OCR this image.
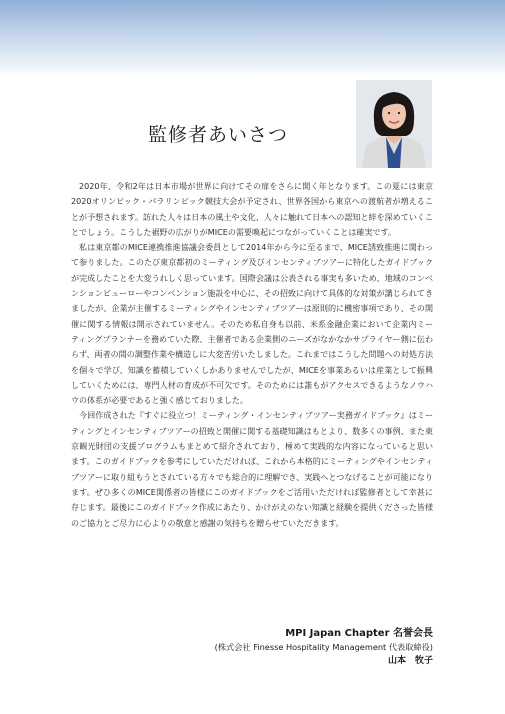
監修者あいさつ

2020年、令和2年は日本市場が世界に向けてその扉をさらに開く年となります。この夏には東京2020オリンピック・パラリンピック競技大会が予定され、世界各国から東京への渡航者が増えることが予想されます。訪れた人々は日本の風土や文化、人々に触れて日本への認知と絆を深めていくことでしょう。こうした裾野の広がりがMICEの需要喚起につながっていくことは確実です。

私は東京都のMICE連携推進協議会委員として2014年から今に至るまで、MICE誘致推進に関わって参りました。このたび東京都初のミーティング及びインセンティブツアーに特化したガイドブックが完成したことを大変うれしく思っています。国際会議は公表される事実も多いため、地域のコンベンションビューローやコンベンション施設を中心に、その招致に向けて具体的な対策が講じられてきましたが、企業が主催するミーティングやインセンティブツアーは原則的に機密事項であり、その開催に関する情報は開示されていません。そのため私自身も以前、米系金融企業において企業内ミーティングプランナーを務めていた際、主催者である企業側のニーズがなかなかサプライヤー側に伝わらず、両者の間の調整作業や構造しに大変苦労いたしました。これまではこうした問題への対処方法を個々で学び、知識を蓄積していくしかありませんでしたが、MICEを事業あるいは産業として振興していくためには、専門人材の育成が不可欠です。そのためには誰もがアクセスできるようなノウハウの体系が必要であると強く感じておりました。

今回作成された『すぐに役立つ！ミーティング・インセンティブツアー実務ガイドブック』はミーティングとインセンティブツアーの招致と開催に関する基礎知識はもとより、数多くの事例、また東京観光財団の支援プログラムもまとめて紹介されており、極めて実践的な内容になっていると思います。このガイドブックを参考にしていただければ、これから本格的にミーティングやインセンティブツアーに取り組もうとされている方々でも総合的に理解でき、実践へとつなげることが可能になります。ぜひ多くのMICE関係者の皆様にこのガイドブックをご活用いただければ監修者として幸甚に存じます。最後にこのガイドブック作成にあたり、かけがえのない知識と経験を提供くださった皆様のご協力とご尽力に心よりの敬意と感謝の気持ちを贈らせていただきます。

MPI Japan Chapter 名誉会長
(株式会社 Finesse Hospitality Management 代表取締役)
山本　牧子
